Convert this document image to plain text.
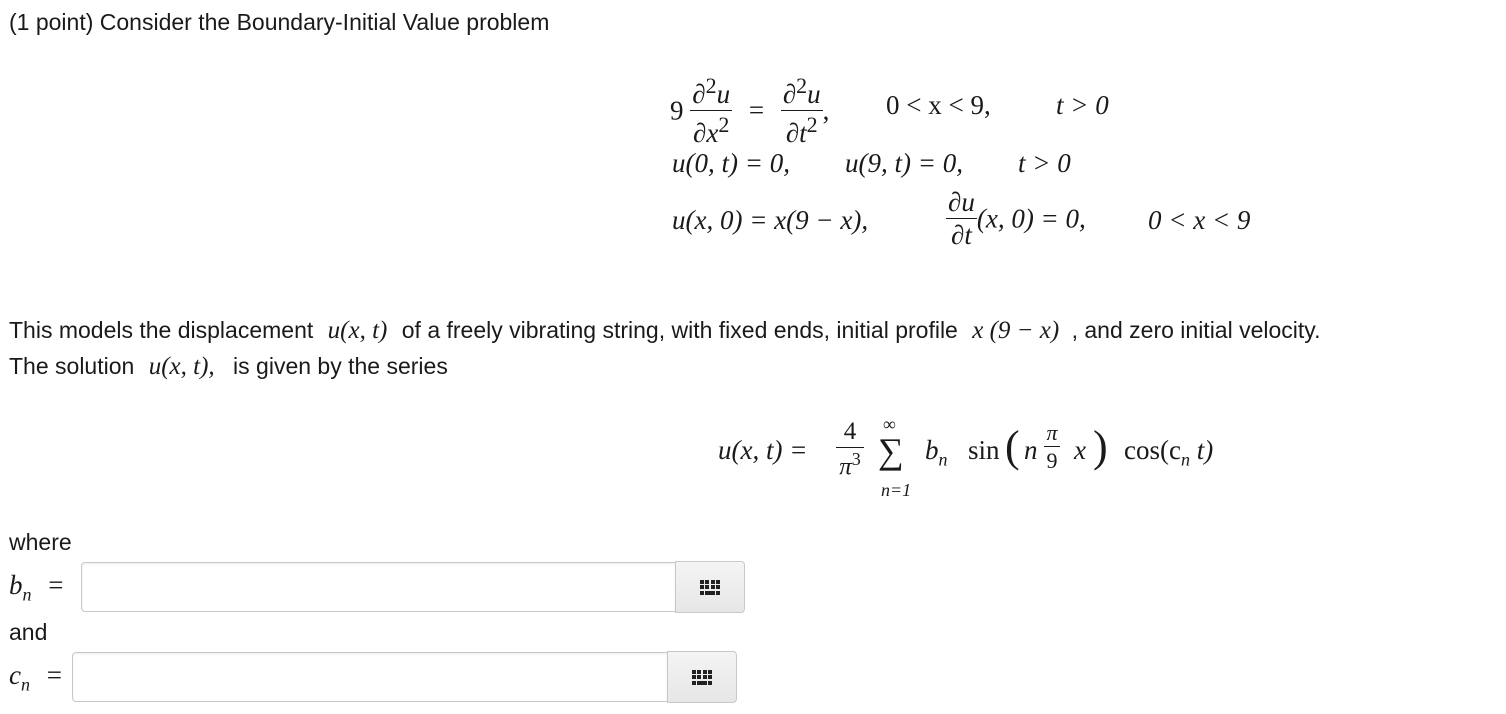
(1 point) Consider the Boundary-Initial Value problem
$9 \frac{\partial^2u}{\partial x^2} = \frac{\partial^2u}{\partial t^2}$ , 0 < x < 9, t > 0
u(0, t) = 0, u(9, t) = 0, t > 0
u(x, 0) = x(9 − x),	$\frac{\partial u}{\partial t} (x$, 0) = 0, 0 < x < 9
This models the displacement u(x, t) of a freely vibrating string, with fixed ends, initial profile x (9 − x) , and zero initial velocity.
The solution u(x, t), is given by the series
u(x, t) =
4
$\pi^3$
∞
∑
n=1
$b_n$ sin ( n
π
9 x ) $\cos(c_n$ t)
where
$b_n$ =
and
$c_n$ =
